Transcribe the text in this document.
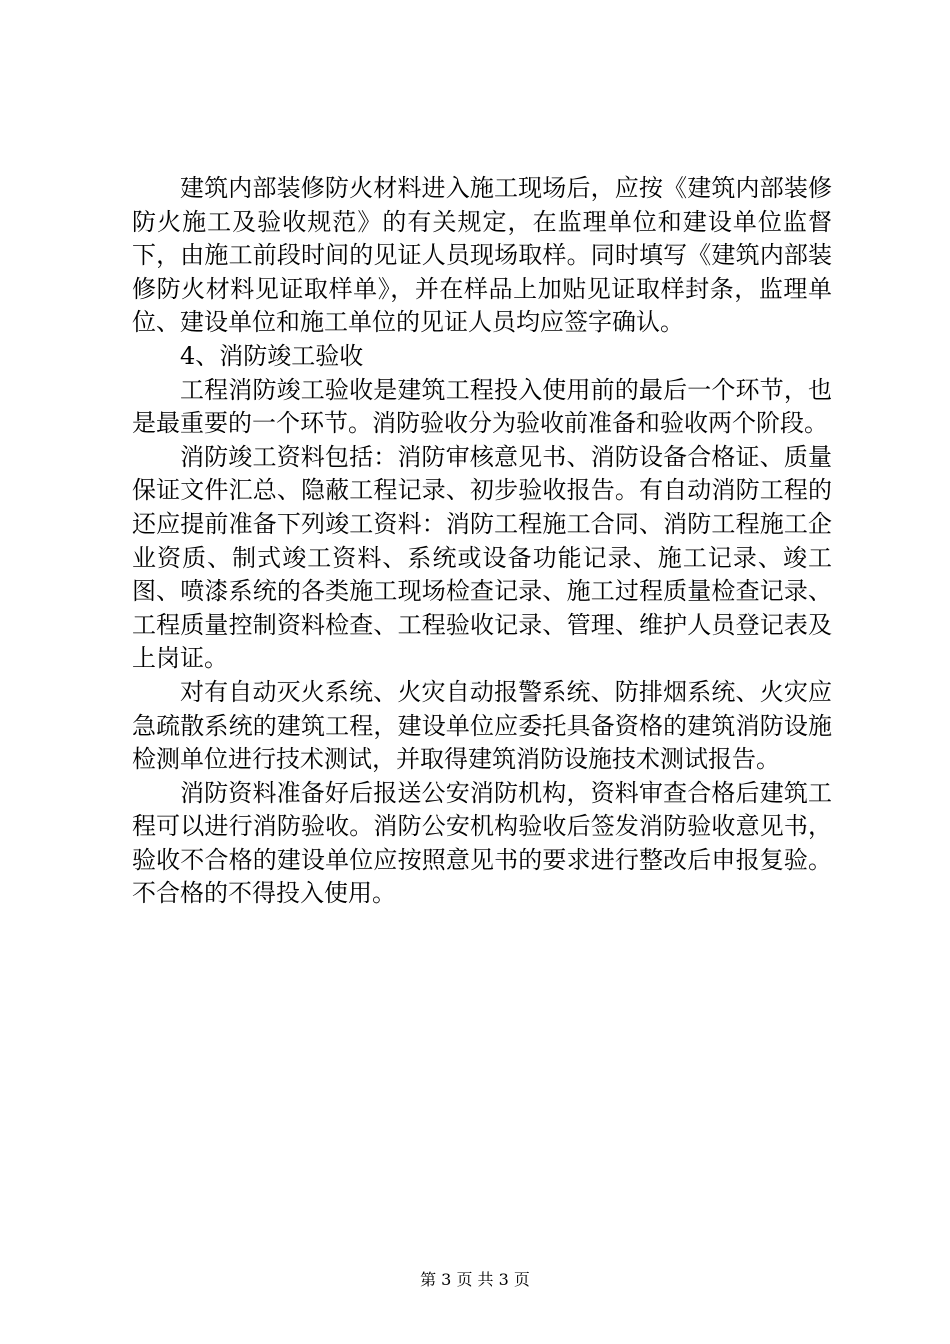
建筑内部装修防火材料进入施工现场后，应按《建筑内部装修防火施工及验收规范》的有关规定，在监理单位和建设单位监督下，由施工前段时间的见证人员现场取样。同时填写《建筑内部装修防火材料见证取样单》，并在样品上加贴见证取样封条，监理单位、建设单位和施工单位的见证人员均应签字确认。

4、消防竣工验收

工程消防竣工验收是建筑工程投入使用前的最后一个环节，也是最重要的一个环节。消防验收分为验收前准备和验收两个阶段。

消防竣工资料包括：消防审核意见书、消防设备合格证、质量保证文件汇总、隐蔽工程记录、初步验收报告。有自动消防工程的还应提前准备下列竣工资料：消防工程施工合同、消防工程施工企业资质、制式竣工资料、系统或设备功能记录、施工记录、竣工图、喷漆系统的各类施工现场检查记录、施工过程质量检查记录、工程质量控制资料检查、工程验收记录、管理、维护人员登记表及上岗证。

对有自动灭火系统、火灾自动报警系统、防排烟系统、火灾应急疏散系统的建筑工程，建设单位应委托具备资格的建筑消防设施检测单位进行技术测试，并取得建筑消防设施技术测试报告。

消防资料准备好后报送公安消防机构，资料审查合格后建筑工程可以进行消防验收。消防公安机构验收后签发消防验收意见书，验收不合格的建设单位应按照意见书的要求进行整改后申报复验。不合格的不得投入使用。

第 3 页 共 3 页
